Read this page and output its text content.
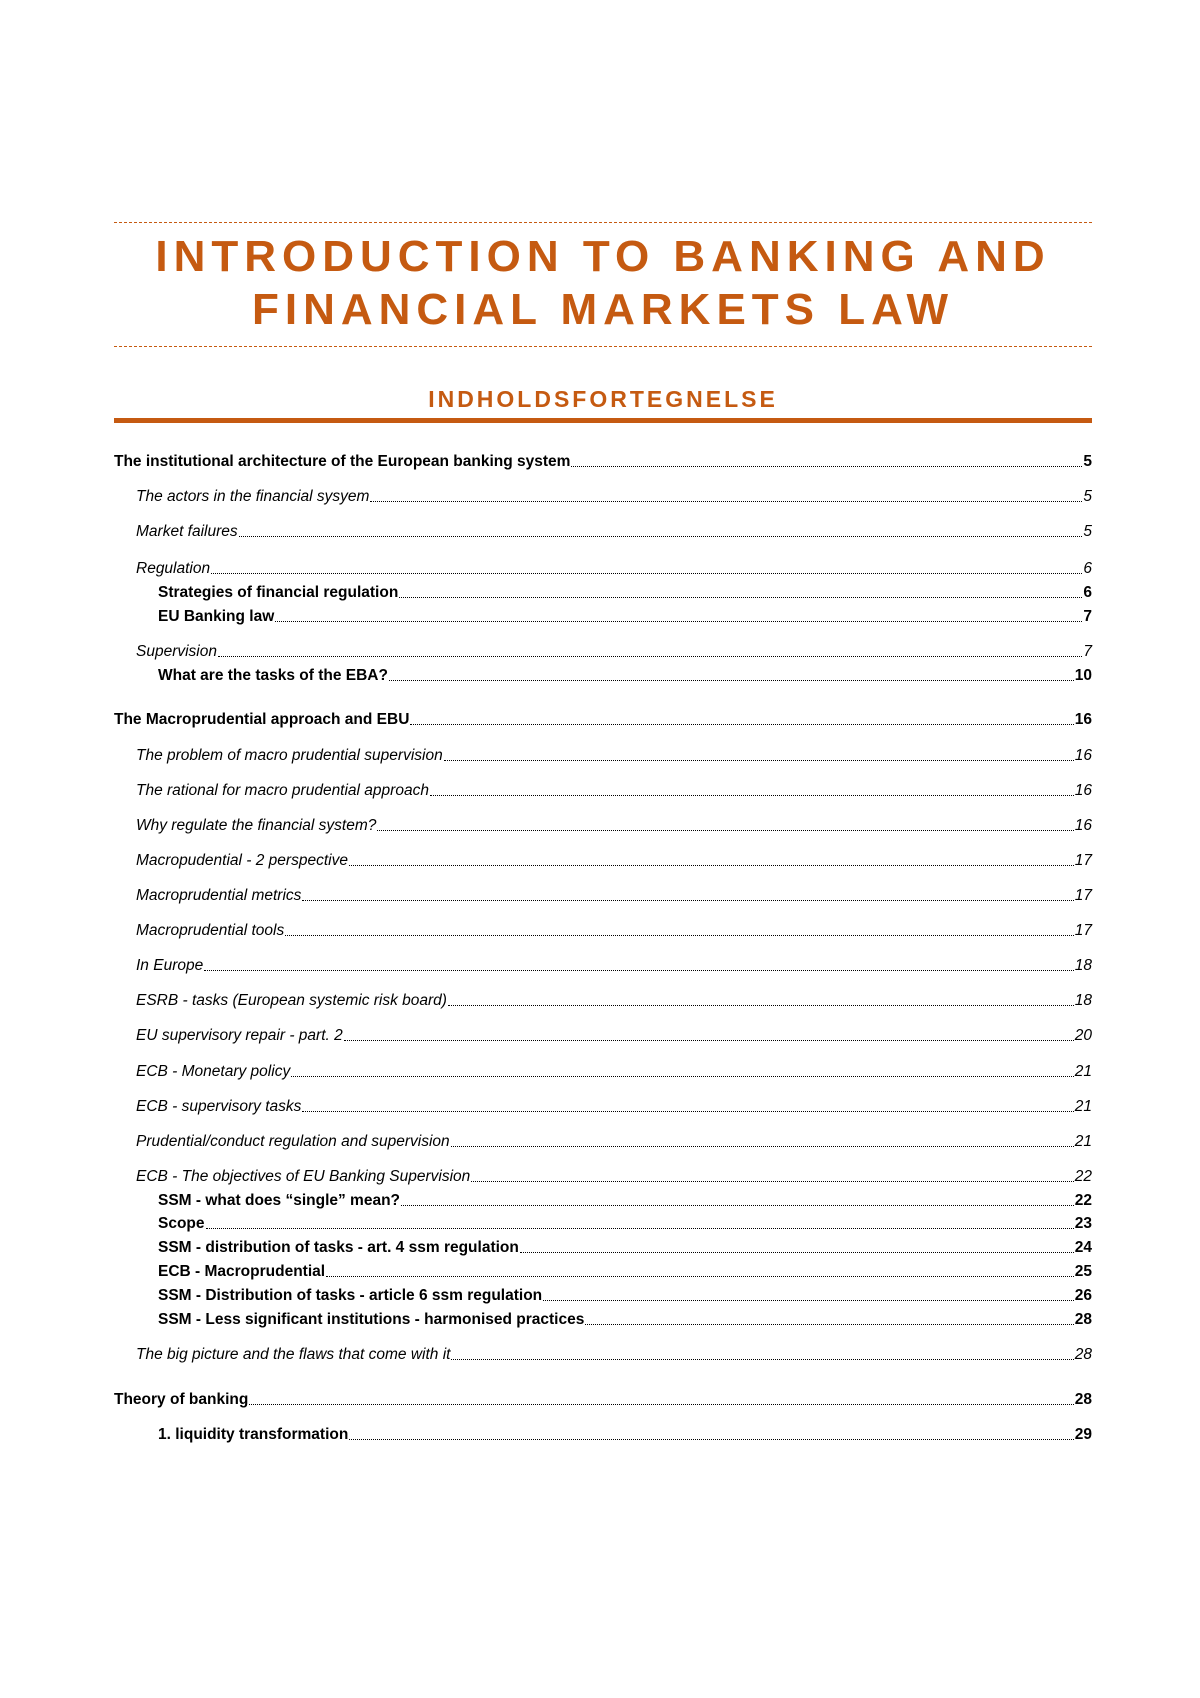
INTRODUCTION TO BANKING AND
FINANCIAL MARKETS LAW
INDHOLDSFORTEGNELSE
The institutional architecture of the European banking system	5
The actors in the financial sysyem	5
Market failures	5
Regulation	6
Strategies of financial regulation	6
EU Banking law	7
Supervision	7
What are the tasks of the EBA?	10
The Macroprudential approach and EBU	16
The problem of macro prudential supervision	16
The rational for macro prudential approach	16
Why regulate the financial system?	16
Macropudential - 2 perspective	17
Macroprudential metrics	17
Macroprudential tools	17
In Europe	18
ESRB - tasks (European systemic risk board)	18
EU supervisory repair - part. 2	20
ECB - Monetary policy	21
ECB - supervisory tasks	21
Prudential/conduct regulation and supervision	21
ECB - The objectives of EU Banking Supervision	22
SSM - what does “single” mean?	22
Scope	23
SSM - distribution of tasks - art. 4 ssm regulation	24
ECB - Macroprudential	25
SSM - Distribution of tasks - article 6 ssm regulation	26
SSM - Less significant institutions - harmonised practices	28
The big picture and the flaws that come with it	28
Theory of banking	28
1. liquidity transformation	29
